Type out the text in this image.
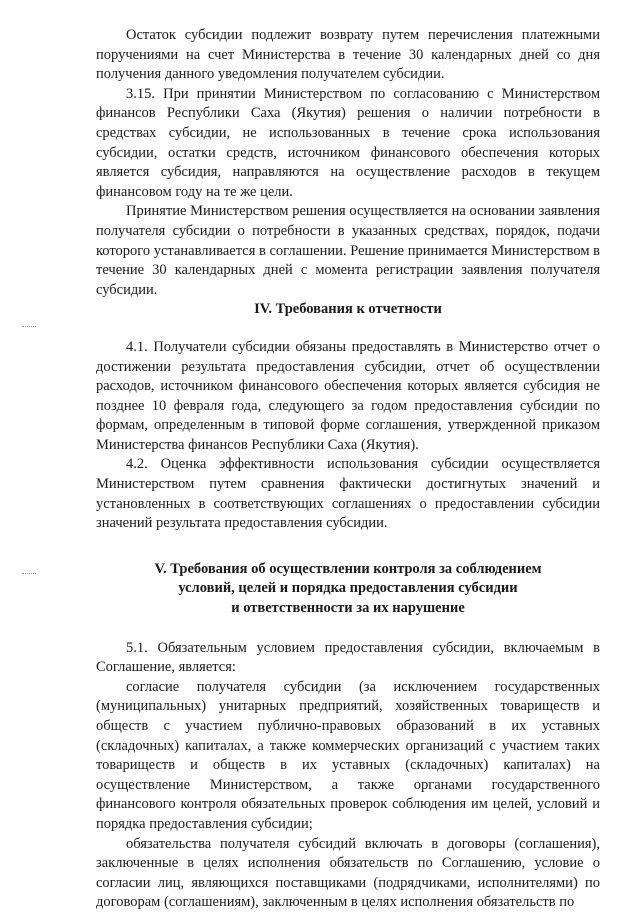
Остаток субсидии подлежит возврату путем перечисления платежными поручениями на счет Министерства в течение 30 календарных дней со дня получения данного уведомления получателем субсидии.

3.15. При принятии Министерством по согласованию с Министерством финансов Республики Саха (Якутия) решения о наличии потребности в средствах субсидии, не использованных в течение срока использования субсидии, остатки средств, источником финансового обеспечения которых является субсидия, направляются на осуществление расходов в текущем финансовом году на те же цели.

Принятие Министерством решения осуществляется на основании заявления получателя субсидии о потребности в указанных средствах, порядок, подачи которого устанавливается в соглашении. Решение принимается Министерством в течение 30 календарных дней с момента регистрации заявления получателя субсидии.

IV. Требования к отчетности

4.1. Получатели субсидии обязаны предоставлять в Министерство отчет о достижении результата предоставления субсидии, отчет об осуществлении расходов, источником финансового обеспечения которых является субсидия не позднее 10 февраля года, следующего за годом предоставления субсидии по формам, определенным в типовой форме соглашения, утвержденной приказом Министерства финансов Республики Саха (Якутия).

4.2. Оценка эффективности использования субсидии осуществляется Министерством путем сравнения фактически достигнутых значений и установленных в соответствующих соглашениях о предоставлении субсидии значений результата предоставления субсидии.

V. Требования об осуществлении контроля за соблюдением
условий, целей и порядка предоставления субсидии
и ответственности за их нарушение

5.1. Обязательным условием предоставления субсидии, включаемым в Соглашение, является:

согласие получателя субсидии (за исключением государственных (муниципальных) унитарных предприятий, хозяйственных товариществ и обществ с участием публично-правовых образований в их уставных (складочных) капиталах, а также коммерческих организаций с участием таких товариществ и обществ в их уставных (складочных) капиталах) на осуществление Министерством, а также органами государственного финансового контроля обязательных проверок соблюдения им целей, условий и порядка предоставления субсидии;

обязательства получателя субсидий включать в договоры (соглашения), заключенные в целях исполнения обязательств по Соглашению, условие о согласии лиц, являющихся поставщиками (подрядчиками, исполнителями) по договорам (соглашениям), заключенным в целях исполнения обязательств по
